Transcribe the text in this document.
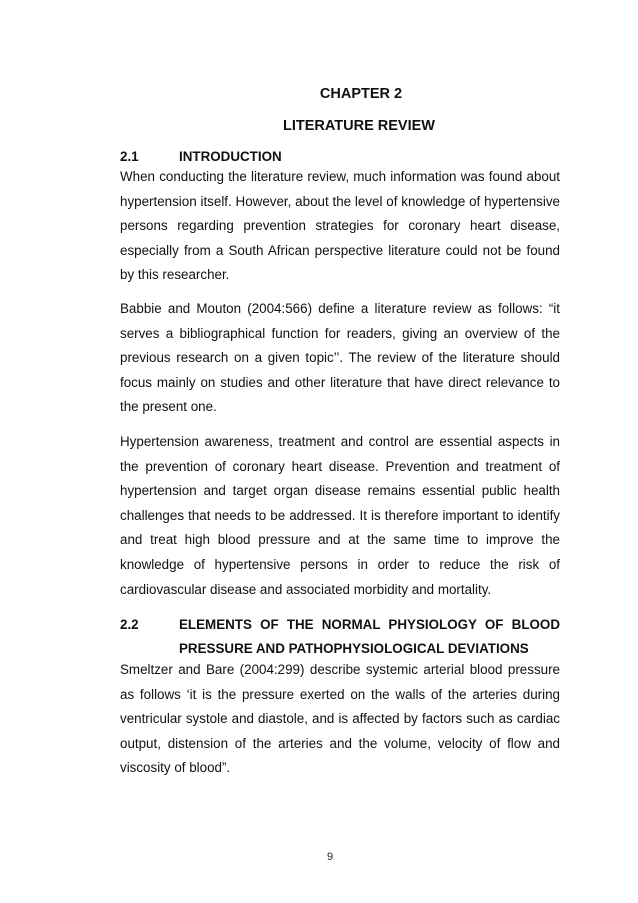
CHAPTER 2
LITERATURE REVIEW
2.1	INTRODUCTION

When conducting the literature review, much information was found about hypertension itself. However, about the level of knowledge of hypertensive persons regarding prevention strategies for coronary heart disease, especially from a South African perspective literature could not be found by this researcher.

Babbie and Mouton (2004:566) define a literature review as follows: “it serves a bibliographical function for readers, giving an overview of the previous research on a given topic’’. The review of the literature should focus mainly on studies and other literature that have direct relevance to the present one.

Hypertension awareness, treatment and control are essential aspects in the prevention of coronary heart disease. Prevention and treatment of hypertension and target organ disease remains essential public health challenges that needs to be addressed. It is therefore important to identify and treat high blood pressure and at the same time to improve the knowledge of hypertensive persons in order to reduce the risk of cardiovascular disease and associated morbidity and mortality.

2.2	ELEMENTS OF THE NORMAL PHYSIOLOGY OF BLOOD PRESSURE AND PATHOPHYSIOLOGICAL DEVIATIONS

Smeltzer and Bare (2004:299) describe systemic arterial blood pressure as follows ‘it is the pressure exerted on the walls of the arteries during ventricular systole and diastole, and is affected by factors such as cardiac output, distension of the arteries and the volume, velocity of flow and viscosity of blood”.

9
